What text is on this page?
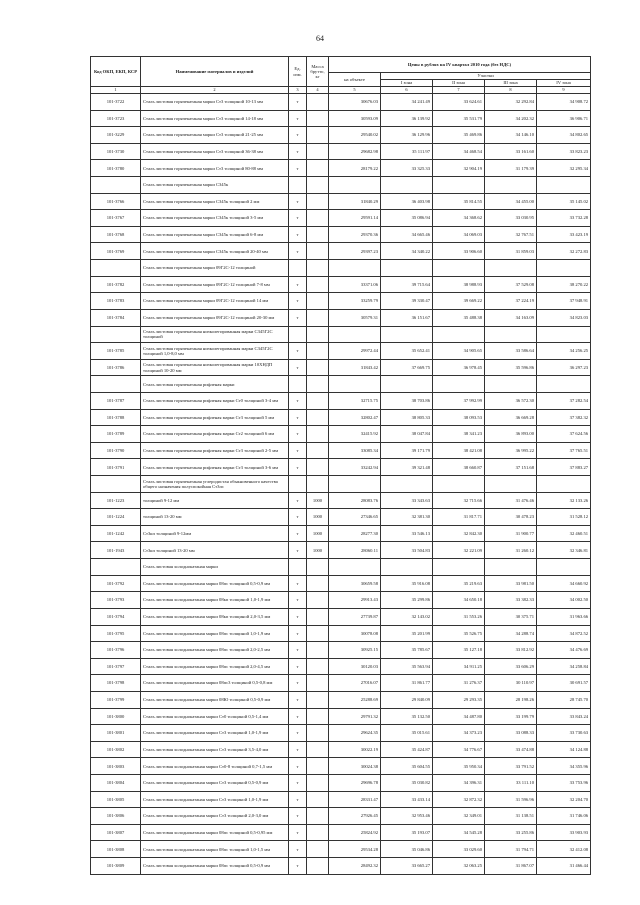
64
Код ОКП, ЕКП, КСР	Наименование материалов и изделий	Ед. изм.	Масса брутто, кг	Цены в рублях на IV квартал 2010 года (без НДС)				
				на объекте	Участки			
					I зона	II зона	III зона	IV зона
1	2	3	4	5	6	7	8	9
101-3722	Сталь листовая горячекатаная марки Ст3 толщиной 10-13 мм	т		30676.03	34 241.49	33 624.61	32 292.84	34 908.72
101-3723	Сталь листовая горячекатаная марки Ст3 толщиной 14-18 мм	т		30593.09	36 139.92	35 531.79	34 202.32	36 906.71
101-3229	Сталь листовая горячекатаная марки Ст3 толщиной 21-25 мм	т		29540.02	36 129.96	35 469.86	34 146.10	34 802.65
101-3730	Сталь листовая горячекатаная марки Ст3 толщиной 36-38 мм	т		29682.98	35 111.97	34 468.54	33 161.60	33 823.23
101-3780	Сталь листовая горячекатаная марки Ст3 толщиной 80-88 мм	т		28179.22	33 325.33	32 904.19	31 179.39	32 295.34
	Сталь листовая горячекатаная марки С345к							
101-3766	Сталь листовая горячекатаная марки С345к толщиной 2 мм	т		31840.29	36 403.98	35 814.55	34 455.00	35 145.02
101-3767	Сталь листовая горячекатаная марки С345к толщиной 3-5 мм	т		29591.14	35 086.94	34 368.62	33 030.95	33 732.28
101-3768	Сталь листовая горячекатаная марки С345к толщиной 6-8 мм	т		29370.36	34 665.46	34 069.03	32 767.51	33 423.19
101-3769	Сталь листовая горячекатаная марки С345к толщиной 20-40 мм	т		29397.23	34 340.22	33 906.60	31 859.03	32 272.83
	Сталь листовая горячекатаная марки 09Г2С-12 толщиной							
101-3782	Сталь листовая горячекатаная марки 09Г2С-12 толщиной 7-8 мм	т		33371.06	39 715.64	38 988.93	37 529.08	38 270.22
101-3783	Сталь листовая горячекатаная марки 09Г2С-12 толщиной 14 мм	т		33259.79	39 330.47	39 669.22	37 224.19	37 948.91
101-3784	Сталь листовая горячекатаная марки 09Г2С-12 толщиной 20-30 мм	т		30579.31	36 151.67	35 488.38	34 163.09	34 823.03
	Сталь листовая горячекатаная низколегированная марки С345Г2С толщиной							
101-3785	Сталь листовая горячекатаная низколегированная марки С345Г2С толщиной 1,0-8,0 мм	т		29972.44	35 652.41	34 905.65	33 586.64	34 256.25
101-3786	Сталь листовая горячекатаная низколегированная марки 10ХНДП толщиной 10-20 мм	т		31843.42	37 669.75	36 978.45	35 596.86	36 297.23
	Сталь листовая горячекатаная рифленая марки							
101-3787	Сталь листовая горячекатаная рифленая марки Ст0 толщиной 3-4 мм	т		32715.75	38 703.86	37 992.99	36 572.30	37 282.54
101-3788	Сталь листовая горячекатаная рифленая марки Ст3 толщиной 5 мм	т		32802.47	38 805.33	38 093.53	36 669.28	37 382.32
101-3789	Сталь листовая горячекатаная рифленая марки Ст2 толщиной 6 мм	т		32415.92	38 047.84	38 341.23	36 893.00	37 624.56
101-3790	Сталь листовая горячекатаная рифленая марки Ст3 толщиной 2-5 мм	т		33085.34	39 171.79	38 421.08	36 995.22	37 765.51
101-3791	Сталь листовая горячекатаная рифленая марки Ст3 толщиной 3-6 мм	т		33242.94	39 321.48	38 660.87	37 151.68	37 883.27
	Сталь листовая горячекатаная углеродистая обыкновенного качества общего назначения полуспокойная Ст3пс							
101-1223	толщиной 9-12 мм	т	1000	28083.76	33 343.63	32 715.66	31 476.46	32 133.26
101-1224	толщиной 13-20 мм	т	1000	27346.65	32 381.30	31 817.71	30 478.23	31 528.12
101-1242	Ст3кп толщиной 9-12мм	т	1000	28277.30	33 546.13	32 842.30	31 900.77	32 460.51
101-1943	Ст3кп толщиной 13-20 мм	т	1000	28060.11	33 504.83	32 221.09	31 260.12	32 346.81
	Сталь листовая холоднокатаная марки							
101-3792	Сталь листовая холоднокатаная марки 08пс толщиной 0,5-0,9 мм	т		30659.58	35 916.08	35 219.63	33 981.50	34 660.92
101-3793	Сталь листовая холоднокатаная марки 08кп толщиной 1,0-1,9 мм	т		29913.43	35 299.86	34 650.18	33 382.33	34 002.50
101-3794	Сталь листовая холоднокатаная марки 08кп толщиной 2,0-3,5 мм	т		27739.87	32 143.02	31 553.26	30 375.71	31 963.66
101-3795	Сталь листовая холоднокатаная марки 08пс толщиной 1,0-1,9 мм	т		30078.08	35 201.99	35 526.75	34 288.74	34 872.52
101-3796	Сталь листовая холоднокатаная марки 08пс толщиной 2,0-2,5 мм	т		30925.15	35 785.67	35 127.18	33 812.92	34 476.69
101-3797	Сталь листовая холоднокатаная марки 08пс толщиной 2,0-4,5 мм	т		30120.03	35 563.94	34 911.25	33 606.29	34 258.84
101-3798	Сталь листовая холоднокатаная марки 08пс3 толщиной 0,5-0,8 мм	т		27016.07	31 861.77	31 276.37	30 110.97	30 691.57
101-3799	Сталь листовая холоднокатаная марки 08Ю толщиной 0,5-0,9 мм	т		25288.69	29 840.09	29 293.35	28 198.26	28 745.70
101-3800	Сталь листовая холоднокатаная марки Ст0 толщиной 0,5-1,4 мм	т		29791.32	35 132.50	34 487.80	33 199.79	33 843.24
101-3801	Сталь листовая холоднокатаная марки Ст3 толщиной 1,0-1,9 мм	т		29624.35	35 015.61	34 373.23	33 088.33	33 730.63
101-3802	Сталь листовая холоднокатаная марки Ст3 толщиной 3,5-4,0 мм	т		30022.19	35 424.87	34 776.67	33 474.88	34 124.88
101-3803	Сталь листовая холоднокатаная марки Ст0-8 толщиной 0,7-1,5 мм	т		30024.38	35 604.55	35 950.34	33 791.52	34 355.96
101-3804	Сталь листовая холоднокатаная марки Ст3 толщиной 0,5-0,9 мм	т		29696.78	35 030.82	34 396.31	33 111.10	33 753.96
101-3805	Сталь листовая холоднокатаная марки Ст3 толщиной 1,0-1,9 мм	т		28331.47	33 433.14	32 872.32	31 596.96	32 204.70
101-3806	Сталь листовая холоднокатаная марки Ст3 толщиной 2,0-3,0 мм	т		27926.45	32 953.46	32 349.01	31 138.51	31 746.06
101-3807	Сталь листовая холоднокатаная марки 08пс толщиной 0,5-0,95 мм	т		25824.92	35 193.07	34 545.28	33 255.86	33 903.93
101-3808	Сталь листовая холоднокатаная марки 08пс толщиной 1,0-1,5 мм	т		29534.28	35 046.86	33 029.60	31 794.71	32 412.08
101-3809	Сталь листовая холоднокатаная марки 08пс толщиной 0,5-0,9 мм	т		28492.32	33 665.27	32 063.25	31 867.07	31 466.44
